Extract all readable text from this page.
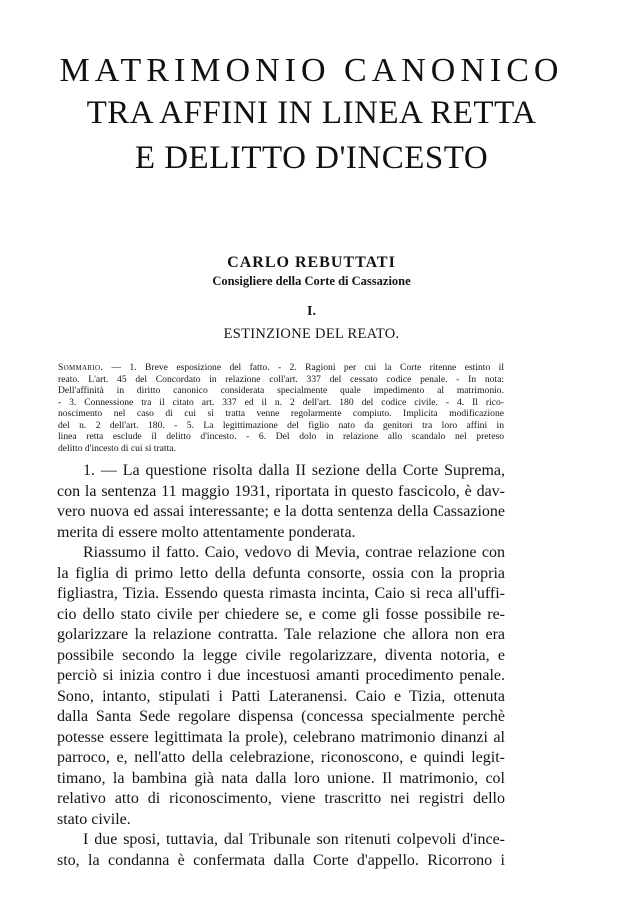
MATRIMONIO CANONICO
TRA AFFINI IN LINEA RETTA
E DELITTO D'INCESTO
CARLO REBUTTATI
Consigliere della Corte di Cassazione
I.
ESTINZIONE DEL REATO.
Sommario. — 1. Breve esposizione del fatto. - 2. Ragioni per cui la Corte ritenne estinto il
reato. L'art. 45 del Concordato in relazione coll'art. 337 del cessato codice penale. - In nota:
Dell'affinità in diritto canonico considerata specialmente quale impedimento al matrimonio.
- 3. Connessione tra il citato art. 337 ed il n. 2 dell'art. 180 del codice civile. - 4. Il rico-
noscimento nel caso di cui si tratta venne regolarmente compiuto. Implicita modificazione
del n. 2 dell'art. 180. - 5. La legittimazione del figlio nato da genitori tra loro affini in
linea retta esclude il delitto d'incesto. - 6. Del dolo in relazione allo scandalo nel preteso
delitto d'incesto di cui si tratta.
1. — La questione risolta dalla II sezione della Corte Suprema,
con la sentenza 11 maggio 1931, riportata in questo fascicolo, è dav-
vero nuova ed assai interessante; e la dotta sentenza della Cassazione
merita di essere molto attentamente ponderata.
Riassumo il fatto. Caio, vedovo di Mevia, contrae relazione con
la figlia di primo letto della defunta consorte, ossia con la propria
figliastra, Tizia. Essendo questa rimasta incinta, Caio si reca all'uffi-
cio dello stato civile per chiedere se, e come gli fosse possibile re-
golarizzare la relazione contratta. Tale relazione che allora non era
possibile secondo la legge civile regolarizzare, diventa notoria, e
perciò si inizia contro i due incestuosi amanti procedimento penale.
Sono, intanto, stipulati i Patti Lateranensi. Caio e Tizia, ottenuta
dalla Santa Sede regolare dispensa (concessa specialmente perchè
potesse essere legittimata la prole), celebrano matrimonio dinanzi al
parroco, e, nell'atto della celebrazione, riconoscono, e quindi legit-
timano, la bambina già nata dalla loro unione. Il matrimonio, col
relativo atto di riconoscimento, viene trascritto nei registri dello
stato civile.
I due sposi, tuttavia, dal Tribunale son ritenuti colpevoli d'ince-
sto, la condanna è confermata dalla Corte d'appello. Ricorrono i
